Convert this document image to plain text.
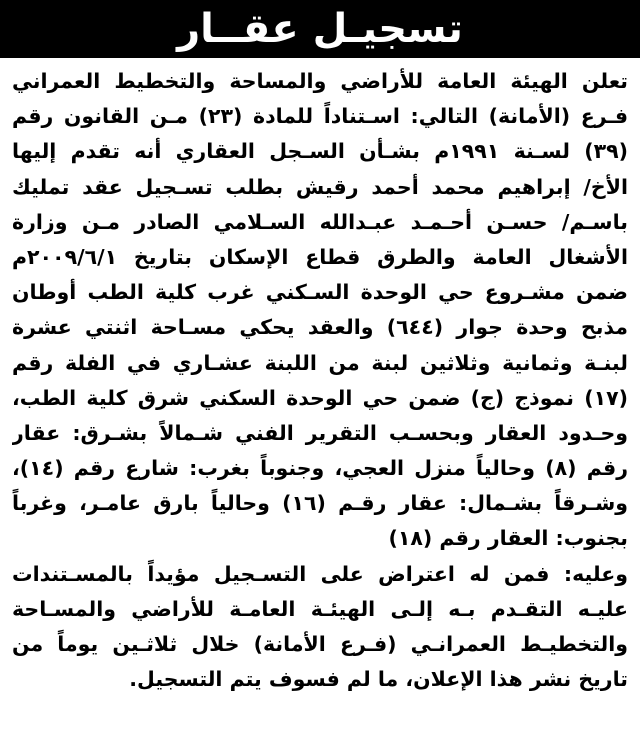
تسجيـل عقــار
تعلن الهيئة العامة للأراضي والمساحة والتخطيط العمراني
فـرع (الأمانة) التالي: اسـتناداً للمادة (٢٣) مـن القانون رقم
(٣٩) لسـنة ١٩٩١م بشـأن السـجل العقاري أنه تقدم إليها
الأخ/ إبراهيم محمد أحمد رقيش بطلب تسـجيل عقد تمليك
باسـم/ حسـن أحـمـد عبـدالله السـلامي الصادر مـن وزارة
الأشغال العامة والطرق قطاع الإسكان بتاريخ ٢٠٠٩/٦/١م
ضمن مشـروع حي الوحدة السـكني غرب كلية الطب أوطان
مذبح وحدة جوار (٦٤٤) والعقد يحكي مسـاحة اثنتي عشرة
لبنـة وثمانية وثلاثين لبنة من اللبنة عشـاري في الفلة رقم
(١٧) نموذج (ج) ضمن حي الوحدة السكني شرق كلية الطب،
وحـدود العقار وبحسـب التقرير الفني شـمالاً بشـرق: عقار
رقم (٨) وحالياً منزل العجي، وجنوباً بغرب: شارع رقم (١٤)،
وشـرقاً بشـمال: عقار رقـم (١٦) وحالياً بارق عامـر، وغرباً
بجنوب: العقار رقم (١٨)
وعليه: فمن له اعتراض على التسـجيل مؤيداً بالمسـتندات
عليـه التقـدم بـه إلـى الهيئـة العامـة للأراضي والمسـاحة
والتخطيـط العمرانـي (فـرع الأمانة) خلال ثلاثـين يوماً من
تاريخ نشر هذا الإعلان، ما لم فسوف يتم التسجيل.
